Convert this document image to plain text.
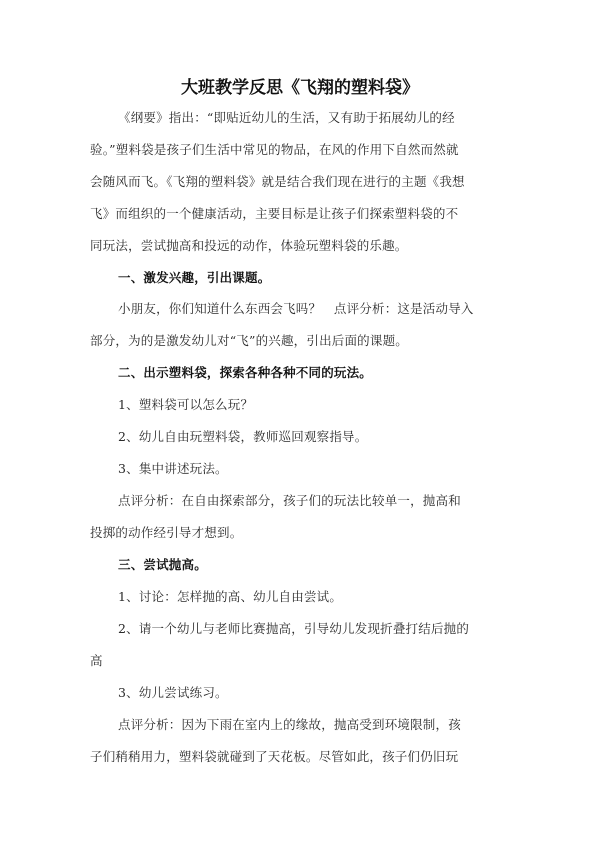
大班教学反思《飞翔的塑料袋》
《纲要》指出：“即贴近幼儿的生活，又有助于拓展幼儿的经
验。”塑料袋是孩子们生活中常见的物品，在风的作用下自然而然就
会随风而飞。《飞翔的塑料袋》就是结合我们现在进行的主题《我想
飞》而组织的一个健康活动，主要目标是让孩子们探索塑料袋的不
同玩法，尝试抛高和投远的动作，体验玩塑料袋的乐趣。
一、激发兴趣，引出课题。
小朋友，你们知道什么东西会飞吗？　点评分析：这是活动导入
部分，为的是激发幼儿对“飞”的兴趣，引出后面的课题。
二、出示塑料袋，探索各种各种不同的玩法。
1、塑料袋可以怎么玩？
2、幼儿自由玩塑料袋，教师巡回观察指导。
3、集中讲述玩法。
点评分析：在自由探索部分，孩子们的玩法比较单一，抛高和
投掷的动作经引导才想到。
三、尝试抛高。
1、讨论：怎样抛的高、幼儿自由尝试。
2、请一个幼儿与老师比赛抛高，引导幼儿发现折叠打结后抛的
高
3、幼儿尝试练习。
点评分析：因为下雨在室内上的缘故，抛高受到环境限制，孩
子们稍稍用力，塑料袋就碰到了天花板。尽管如此，孩子们仍旧玩
